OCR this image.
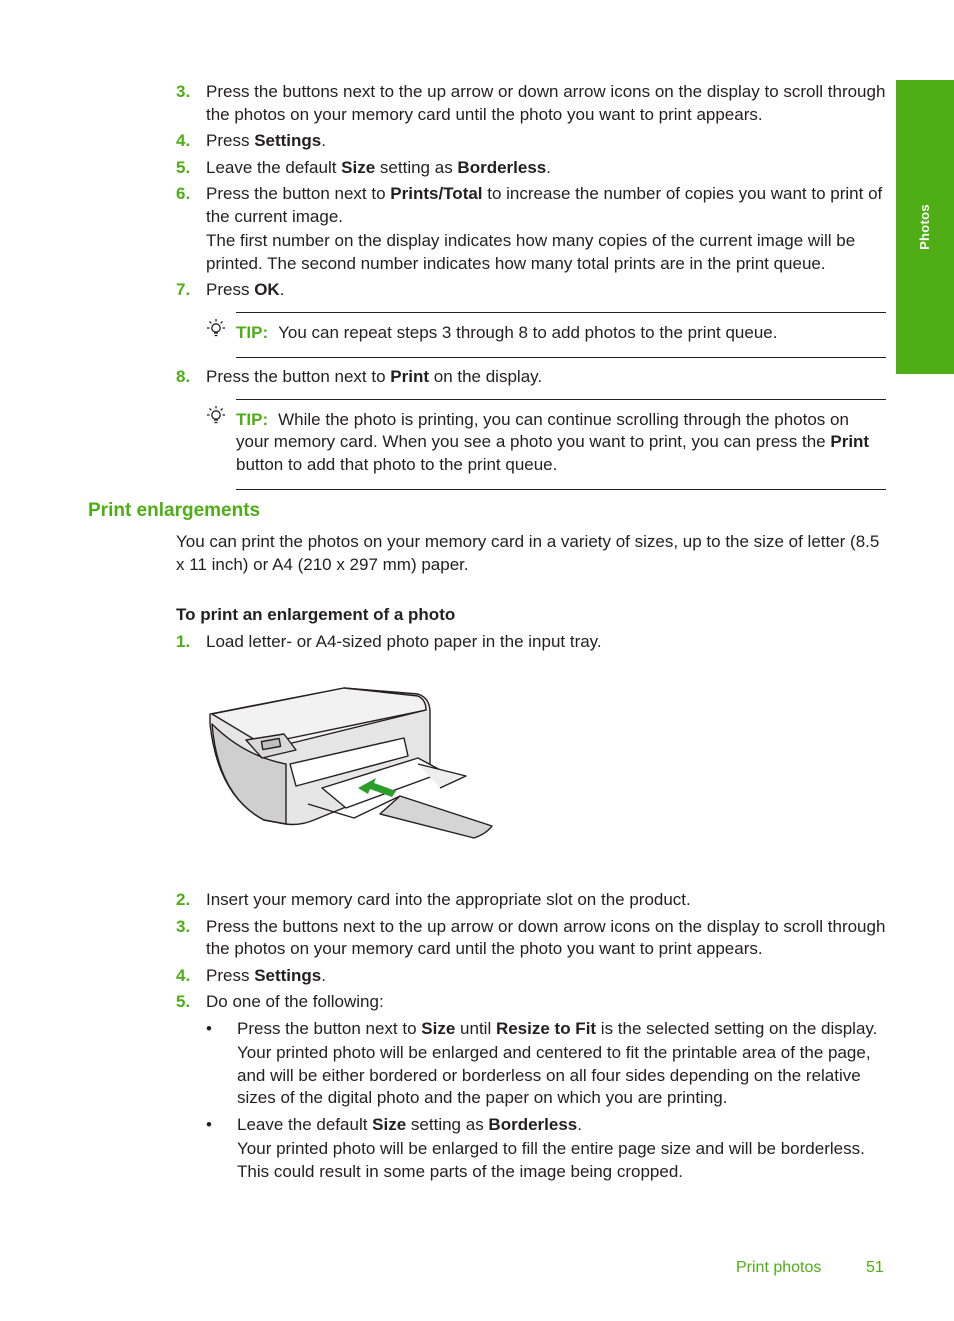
Photos
3. Press the buttons next to the up arrow or down arrow icons on the display to scroll through the photos on your memory card until the photo you want to print appears.

4. Press Settings.

5. Leave the default Size setting as Borderless.

6. Press the button next to Prints/Total to increase the number of copies you want to print of the current image.

The first number on the display indicates how many copies of the current image will be printed. The second number indicates how many total prints are in the print queue.

7. Press OK.

TIP: You can repeat steps 3 through 8 to add photos to the print queue.
8. Press the button next to Print on the display.

TIP: While the photo is printing, you can continue scrolling through the photos on your memory card. When you see a photo you want to print, you can press the Print button to add that photo to the print queue.
Print enlargements

You can print the photos on your memory card in a variety of sizes, up to the size of letter (8.5 x 11 inch) or A4 (210 x 297 mm) paper.

To print an enlargement of a photo

1. Load letter- or A4-sized photo paper in the input tray.

2. Insert your memory card into the appropriate slot on the product.

3. Press the buttons next to the up arrow or down arrow icons on the display to scroll through the photos on your memory card until the photo you want to print appears.

4. Press Settings.

5. Do one of the following:

• Press the button next to Size until Resize to Fit is the selected setting on the display.

Your printed photo will be enlarged and centered to fit the printable area of the page, and will be either bordered or borderless on all four sides depending on the relative sizes of the digital photo and the paper on which you are printing.

• Leave the default Size setting as Borderless.

Your printed photo will be enlarged to fill the entire page size and will be borderless. This could result in some parts of the image being cropped.

Print photos	51
